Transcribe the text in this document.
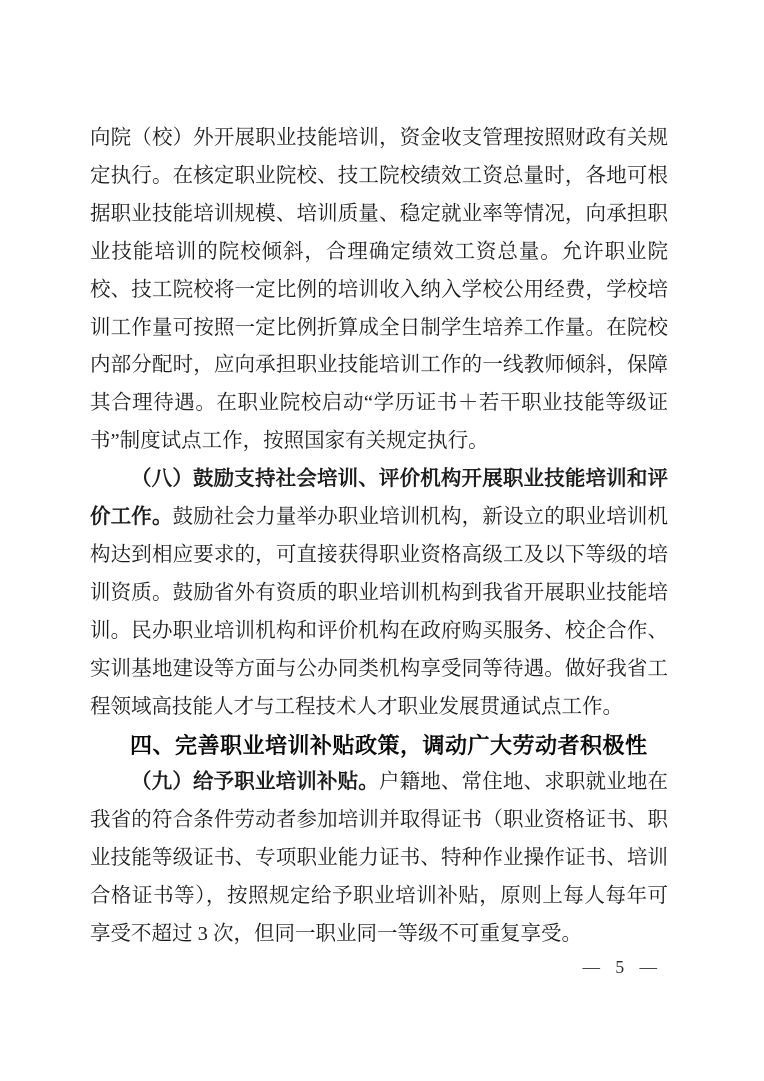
向院（校）外开展职业技能培训，资金收支管理按照财政有关规定执行。在核定职业院校、技工院校绩效工资总量时，各地可根据职业技能培训规模、培训质量、稳定就业率等情况，向承担职业技能培训的院校倾斜，合理确定绩效工资总量。允许职业院校、技工院校将一定比例的培训收入纳入学校公用经费，学校培训工作量可按照一定比例折算成全日制学生培养工作量。在院校内部分配时，应向承担职业技能培训工作的一线教师倾斜，保障其合理待遇。在职业院校启动“学历证书＋若干职业技能等级证书”制度试点工作，按照国家有关规定执行。

（八）鼓励支持社会培训、评价机构开展职业技能培训和评价工作。鼓励社会力量举办职业培训机构，新设立的职业培训机构达到相应要求的，可直接获得职业资格高级工及以下等级的培训资质。鼓励省外有资质的职业培训机构到我省开展职业技能培训。民办职业培训机构和评价机构在政府购买服务、校企合作、实训基地建设等方面与公办同类机构享受同等待遇。做好我省工程领域高技能人才与工程技术人才职业发展贯通试点工作。

四、完善职业培训补贴政策，调动广大劳动者积极性

（九）给予职业培训补贴。户籍地、常住地、求职就业地在我省的符合条件劳动者参加培训并取得证书（职业资格证书、职业技能等级证书、专项职业能力证书、特种作业操作证书、培训合格证书等），按照规定给予职业培训补贴，原则上每人每年可享受不超过 3 次，但同一职业同一等级不可重复享受。

— 5 —
